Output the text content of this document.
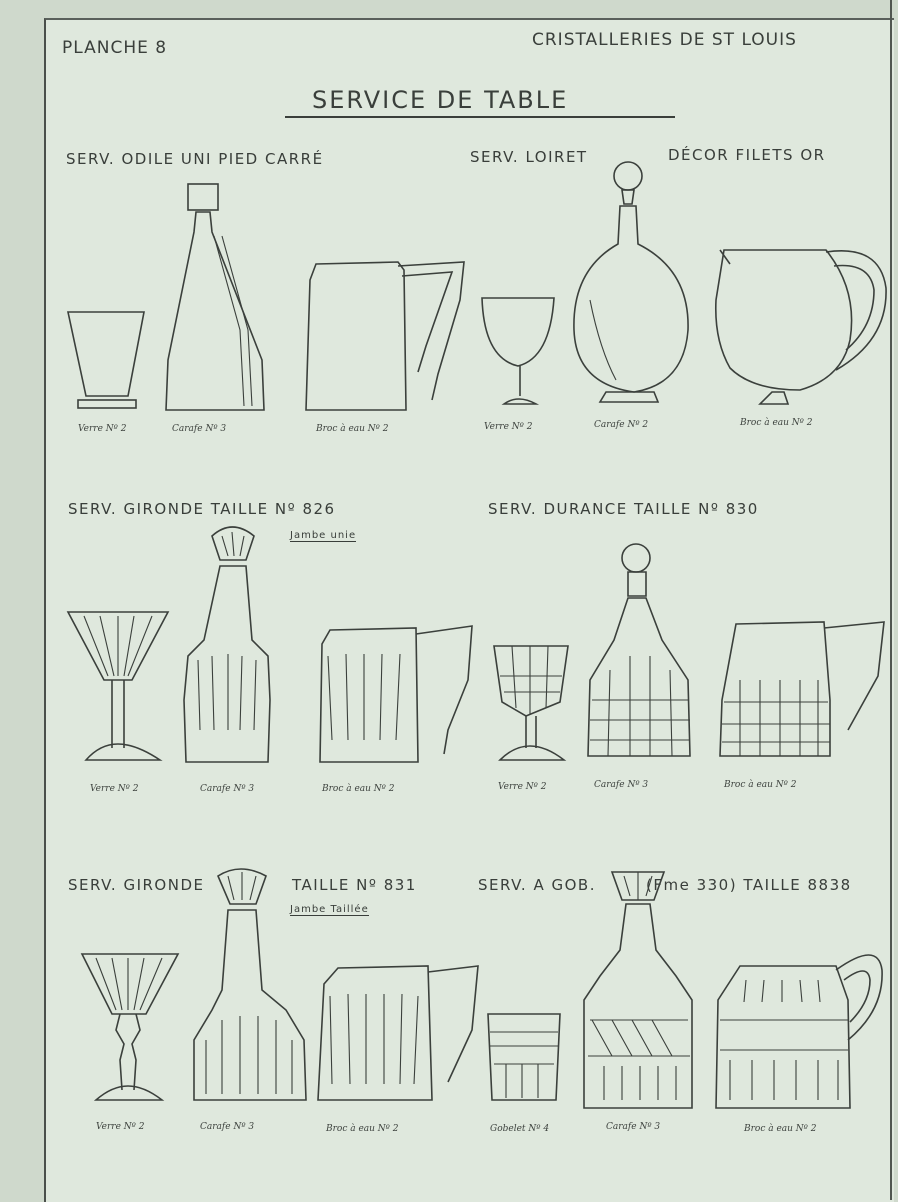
PLANCHE 8	CRISTALLERIES DE ST LOUIS
SERVICE DE TABLE
SERV. ODILE UNI PIED CARRÉ	SERV. LOIRET	DÉCOR FILETS OR
SERV. GIRONDE TAILLE Nº 826
Jambe unie
SERV. DURANCE TAILLE Nº 830
SERV. GIRONDE	TAILLE Nº 831
Jambe Taillée
SERV. A GOB.	(Fme 330) TAILLE 8838
Verre Nº 2	Carafe Nº 3	Broc à eau Nº 2	Verre Nº 2	Carafe Nº 2	Broc à eau Nº 2
Verre Nº 2	Carafe Nº 3	Broc à eau Nº 2	Verre Nº 2	Carafe Nº 3	Broc à eau Nº 2
Verre Nº 2	Carafe Nº 3	Broc à eau Nº 2	Gobelet Nº 4	Carafe Nº 3	Broc à eau Nº 2
